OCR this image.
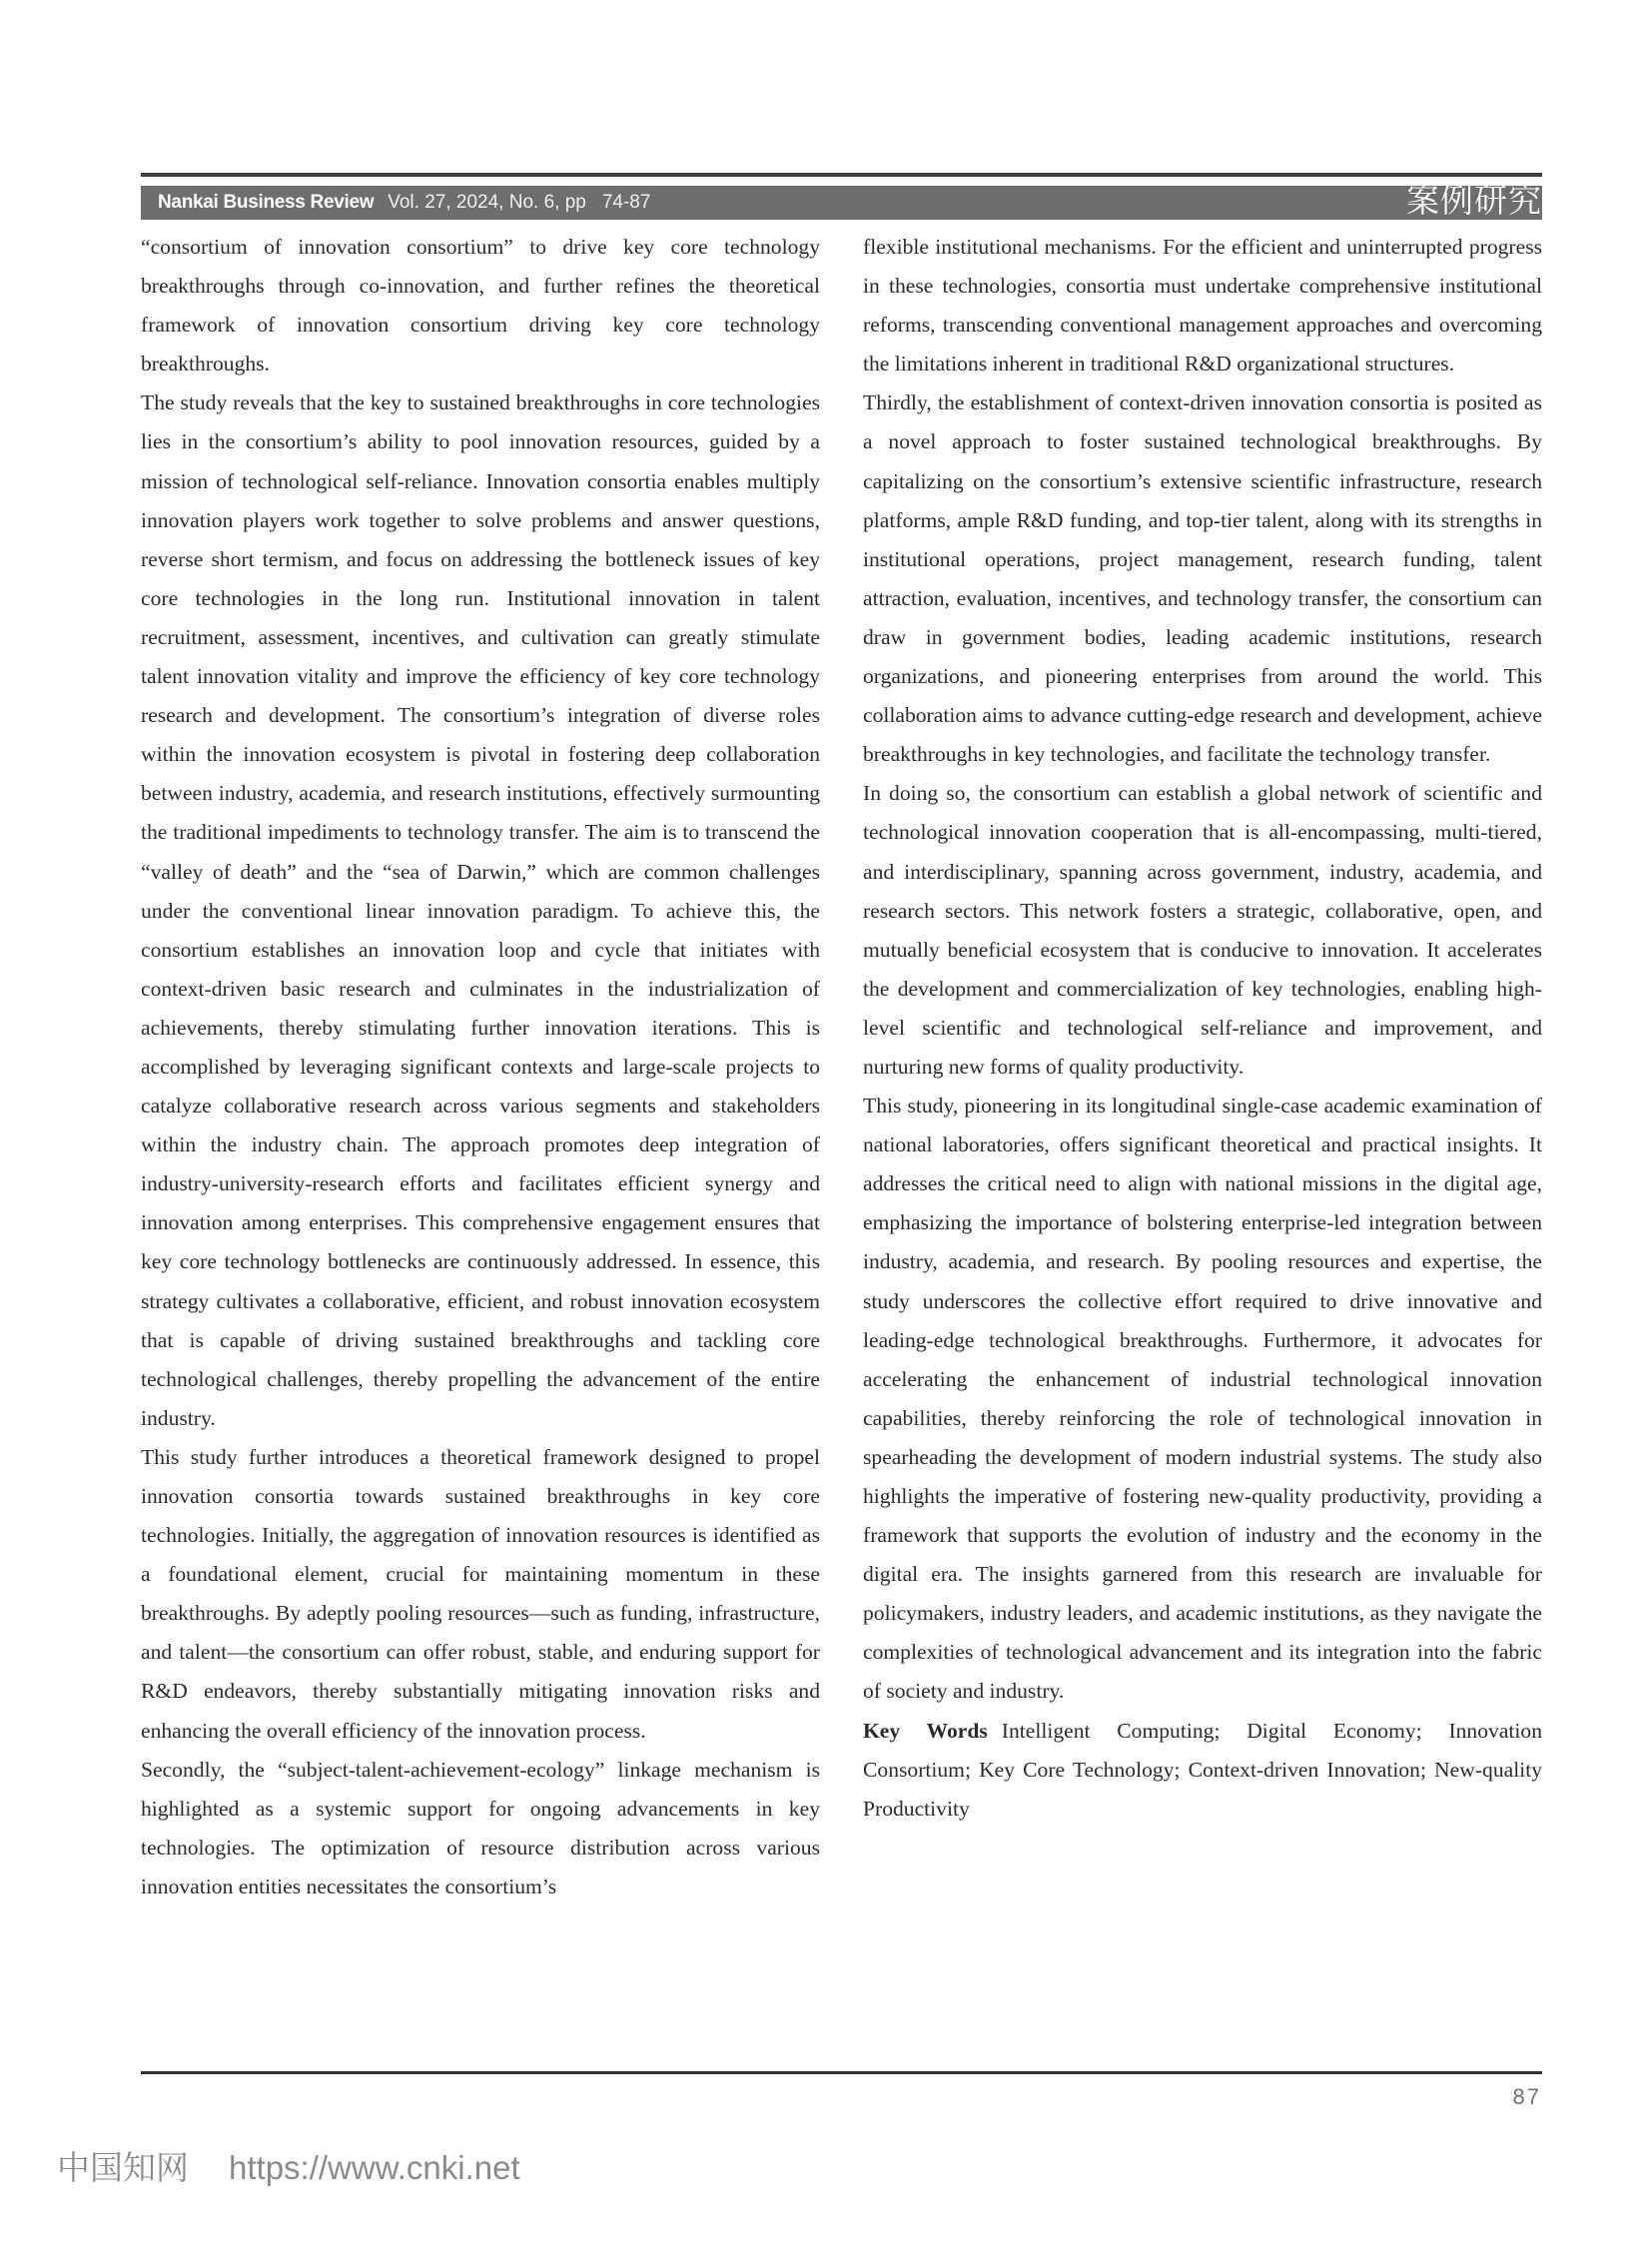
Nankai Business Review Vol. 27, 2024, No. 6, pp 74-87	案例研究

“consortium of innovation consortium” to drive key core technology breakthroughs through co-innovation, and further refines the theoretical framework of innovation consortium driving key core technology breakthroughs.

The study reveals that the key to sustained breakthroughs in core technologies lies in the consortium’s ability to pool innovation resources, guided by a mission of technological self-reliance. Innovation consortia enables multiply innovation players work together to solve problems and answer questions, reverse short termism, and focus on addressing the bottleneck issues of key core technologies in the long run. Institutional innovation in talent recruitment, assessment, incentives, and cultivation can greatly stimulate talent innovation vitality and improve the efficiency of key core technology research and development. The consortium’s integration of diverse roles within the innovation ecosystem is pivotal in fostering deep collaboration between industry, academia, and research institutions, effectively surmounting the traditional impediments to technology transfer. The aim is to transcend the “valley of death” and the “sea of Darwin,” which are common challenges under the conventional linear innovation paradigm. To achieve this, the consortium establishes an innovation loop and cycle that initiates with context-driven basic research and culminates in the industrialization of achievements, thereby stimulating further innovation iterations. This is accomplished by leveraging significant contexts and large-scale projects to catalyze collaborative research across various segments and stakeholders within the industry chain. The approach promotes deep integration of industry-university-research efforts and facilitates efficient synergy and innovation among enterprises. This comprehensive engagement ensures that key core technology bottlenecks are continuously addressed. In essence, this strategy cultivates a collaborative, efficient, and robust innovation ecosystem that is capable of driving sustained breakthroughs and tackling core technological challenges, thereby propelling the advancement of the entire industry.

This study further introduces a theoretical framework designed to propel innovation consortia towards sustained breakthroughs in key core technologies. Initially, the aggregation of innovation resources is identified as a foundational element, crucial for maintaining momentum in these breakthroughs. By adeptly pooling resources—such as funding, infrastructure, and talent—the consortium can offer robust, stable, and enduring support for R&D endeavors, thereby substantially mitigating innovation risks and enhancing the overall efficiency of the innovation process.

Secondly, the “subject-talent-achievement-ecology” linkage mechanism is highlighted as a systemic support for ongoing advancements in key technologies. The optimization of resource distribution across various innovation entities necessitates the consortium’s

flexible institutional mechanisms. For the efficient and uninterrupted progress in these technologies, consortia must undertake comprehensive institutional reforms, transcending conventional management approaches and overcoming the limitations inherent in traditional R&D organizational structures.

Thirdly, the establishment of context-driven innovation consortia is posited as a novel approach to foster sustained technological breakthroughs. By capitalizing on the consortium’s extensive scientific infrastructure, research platforms, ample R&D funding, and top-tier talent, along with its strengths in institutional operations, project management, research funding, talent attraction, evaluation, incentives, and technology transfer, the consortium can draw in government bodies, leading academic institutions, research organizations, and pioneering enterprises from around the world. This collaboration aims to advance cutting-edge research and development, achieve breakthroughs in key technologies, and facilitate the technology transfer.

In doing so, the consortium can establish a global network of scientific and technological innovation cooperation that is all-encompassing, multi-tiered, and interdisciplinary, spanning across government, industry, academia, and research sectors. This network fosters a strategic, collaborative, open, and mutually beneficial ecosystem that is conducive to innovation. It accelerates the development and commercialization of key technologies, enabling high-level scientific and technological self-reliance and improvement, and nurturing new forms of quality productivity.

This study, pioneering in its longitudinal single-case academic examination of national laboratories, offers significant theoretical and practical insights. It addresses the critical need to align with national missions in the digital age, emphasizing the importance of bolstering enterprise-led integration between industry, academia, and research. By pooling resources and expertise, the study underscores the collective effort required to drive innovative and leading-edge technological breakthroughs. Furthermore, it advocates for accelerating the enhancement of industrial technological innovation capabilities, thereby reinforcing the role of technological innovation in spearheading the development of modern industrial systems. The study also highlights the imperative of fostering new-quality productivity, providing a framework that supports the evolution of industry and the economy in the digital era. The insights garnered from this research are invaluable for policymakers, industry leaders, and academic institutions, as they navigate the complexities of technological advancement and its integration into the fabric of society and industry.

Key Words Intelligent Computing; Digital Economy; Innovation Consortium; Key Core Technology; Context-driven Innovation; New-quality Productivity

87
中国知网 https://www.cnki.net
